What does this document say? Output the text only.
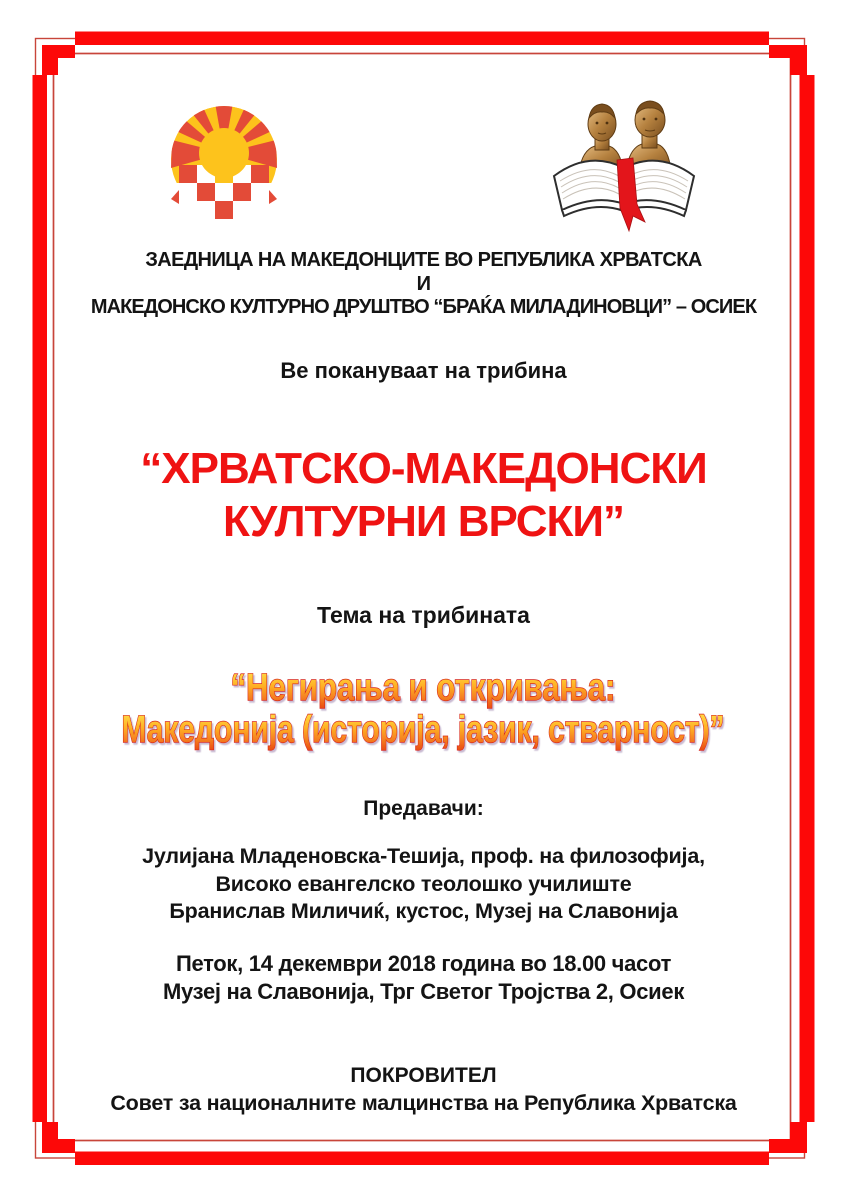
ЗАЕДНИЦА НА МАКЕДОНЦИТЕ ВО РЕПУБЛИКА ХРВАТСКА
И
МАКЕДОНСКО КУЛТУРНО ДРУШТВО “БРАЌА МИЛАДИНОВЦИ” – ОСИЕК
Ве покануваат на трибина
“ХРВАТСКО-МАКЕДОНСКИ
КУЛТУРНИ ВРСКИ”
Тема на трибината
“Негирања и откривања:
Македонија (историја, јазик, стварност)”
Предавачи:
Јулијана Младеновска-Тешија, проф. на филозофија,
Високо евангелско теолошко училиште
Бранислав Миличиќ, кустос, Музеј на Славонија
Петок, 14 декември 2018 година во 18.00 часот
Музеј на Славонија, Трг Светог Тројства 2, Осиек
ПОКРОВИТЕЛ
Совет за националните малцинства на Република Хрватска
